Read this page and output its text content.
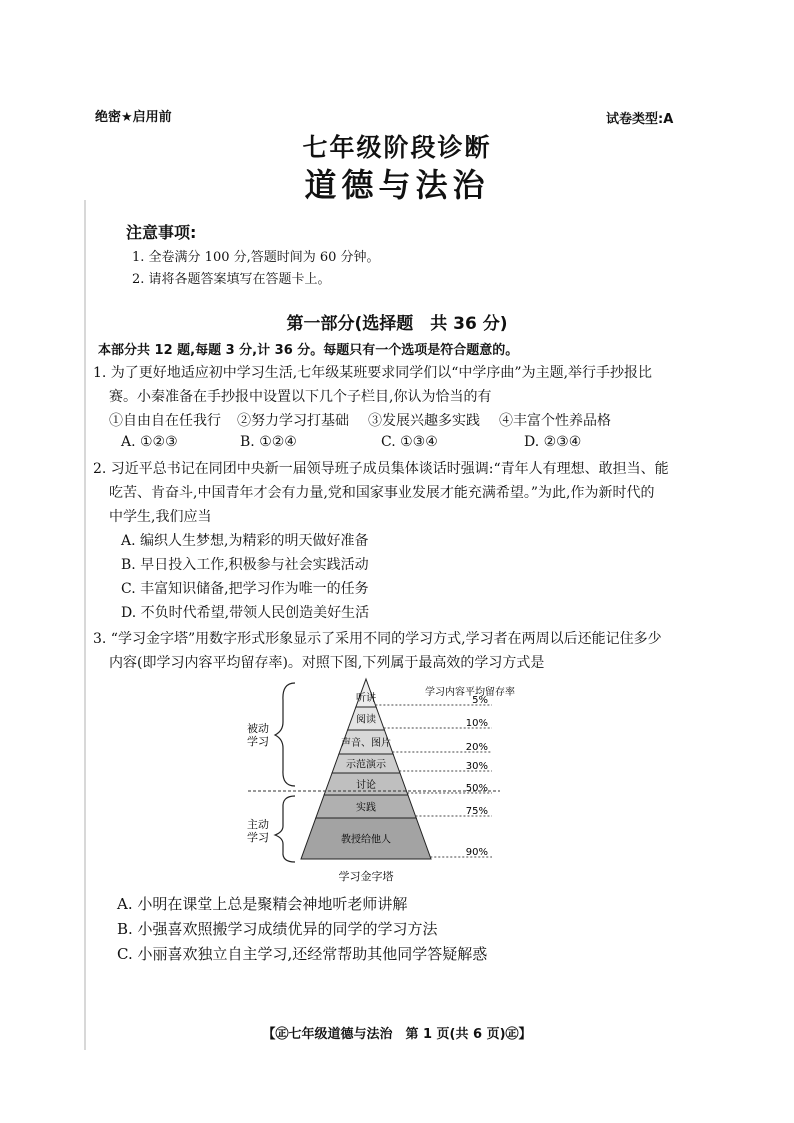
绝密★启用前	试卷类型:A
七年级阶段诊断
道德与法治
注意事项:
1. 全卷满分 100 分,答题时间为 60 分钟。
2. 请将各题答案填写在答题卡上。
第一部分(选择题　共 36 分)
本部分共 12 题,每题 3 分,计 36 分。每题只有一个选项是符合题意的。
1. 为了更好地适应初中学习生活,七年级某班要求同学们以“中学序曲”为主题,举行手抄报比
赛。小秦准备在手抄报中设置以下几个子栏目,你认为恰当的有
①自由自在任我行 ②努力学习打基础 ③发展兴趣多实践 ④丰富个性养品格
A. ①②③	B. ①②④	C. ①③④	D. ②③④
2. 习近平总书记在同团中央新一届领导班子成员集体谈话时强调:“青年人有理想、敢担当、能
吃苦、肯奋斗,中国青年才会有力量,党和国家事业发展才能充满希望。”为此,作为新时代的
中学生,我们应当
A. 编织人生梦想,为精彩的明天做好准备
B. 早日投入工作,积极参与社会实践活动
C. 丰富知识储备,把学习作为唯一的任务
D. 不负时代希望,带领人民创造美好生活
3. “学习金字塔”用数字形式形象显示了采用不同的学习方式,学习者在两周以后还能记住多少
内容(即学习内容平均留存率)。对照下图,下列属于最高效的学习方式是
听讲	5%
阅读	10%
声音、图片	20%
示范演示	30%
讨论	50%
实践	75%
教授给他人
90%
学习内容平均留存率
被动
学习
主动
学习
学习金字塔
A. 小明在课堂上总是聚精会神地听老师讲解
B. 小强喜欢照搬学习成绩优异的同学的学习方法
C. 小丽喜欢独立自主学习,还经常帮助其他同学答疑解惑
【㊣七年级道德与法治　第 1 页(共 6 页)㊣】
